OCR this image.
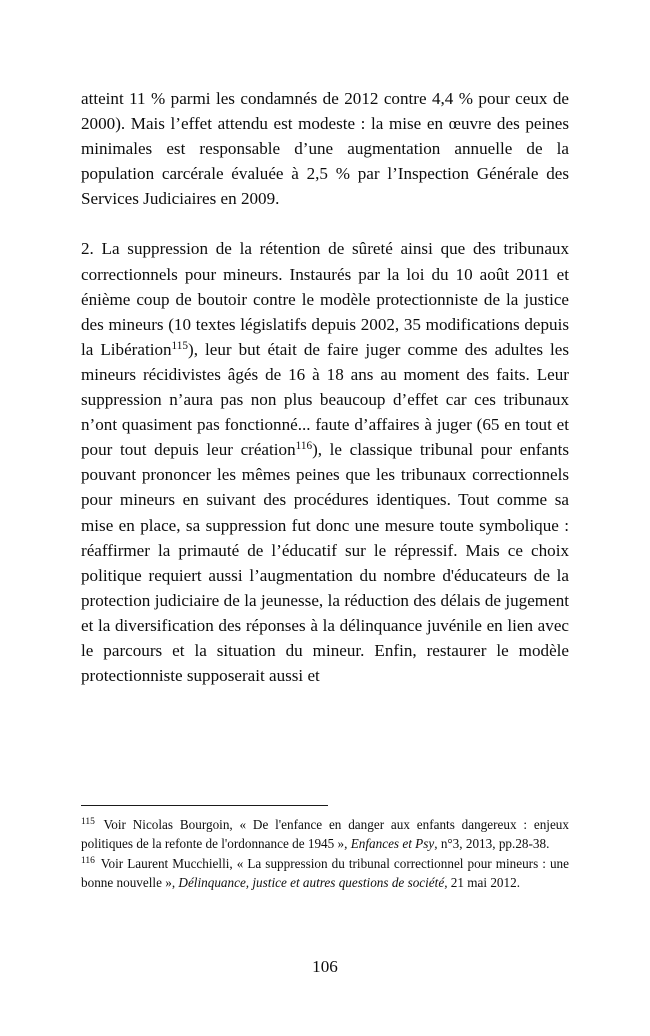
atteint 11 % parmi les condamnés de 2012 contre 4,4 % pour ceux de 2000). Mais l’effet attendu est modeste : la mise en œuvre des peines minimales est responsable d’une augmentation annuelle de la population carcérale évaluée à 2,5 % par l’Inspection Générale des Services Judiciaires en 2009.

2. La suppression de la rétention de sûreté ainsi que des tribunaux correctionnels pour mineurs. Instaurés par la loi du 10 août 2011 et énième coup de boutoir contre le modèle protectionniste de la justice des mineurs (10 textes législatifs depuis 2002, 35 modifications depuis la Libération$^{115}$), leur but était de faire juger comme des adultes les mineurs récidivistes âgés de 16 à 18 ans au moment des faits. Leur suppression n’aura pas non plus beaucoup d’effet car ces tribunaux n’ont quasiment pas fonctionné... faute d’affaires à juger (65 en tout et pour tout depuis leur création$^{116}$), le classique tribunal pour enfants pouvant prononcer les mêmes peines que les tribunaux correctionnels pour mineurs en suivant des procédures identiques. Tout comme sa mise en place, sa suppression fut donc une mesure toute symbolique : réaffirmer la primauté de l’éducatif sur le répressif. Mais ce choix politique requiert aussi l’augmentation du nombre d'éducateurs de la protection judiciaire de la jeunesse, la réduction des délais de jugement et la diversification des réponses à la délinquance juvénile en lien avec le parcours et la situation du mineur. Enfin, restaurer le modèle protectionniste supposerait aussi et

$^{115}$ Voir Nicolas Bourgoin, « De l'enfance en danger aux enfants dangereux : enjeux politiques de la refonte de l'ordonnance de 1945 », Enfances et Psy, n°3, 2013, pp.28-38.

$^{116}$ Voir Laurent Mucchielli, « La suppression du tribunal correctionnel pour mineurs : une bonne nouvelle », Délinquance, justice et autres questions de société, 21 mai 2012.

106
